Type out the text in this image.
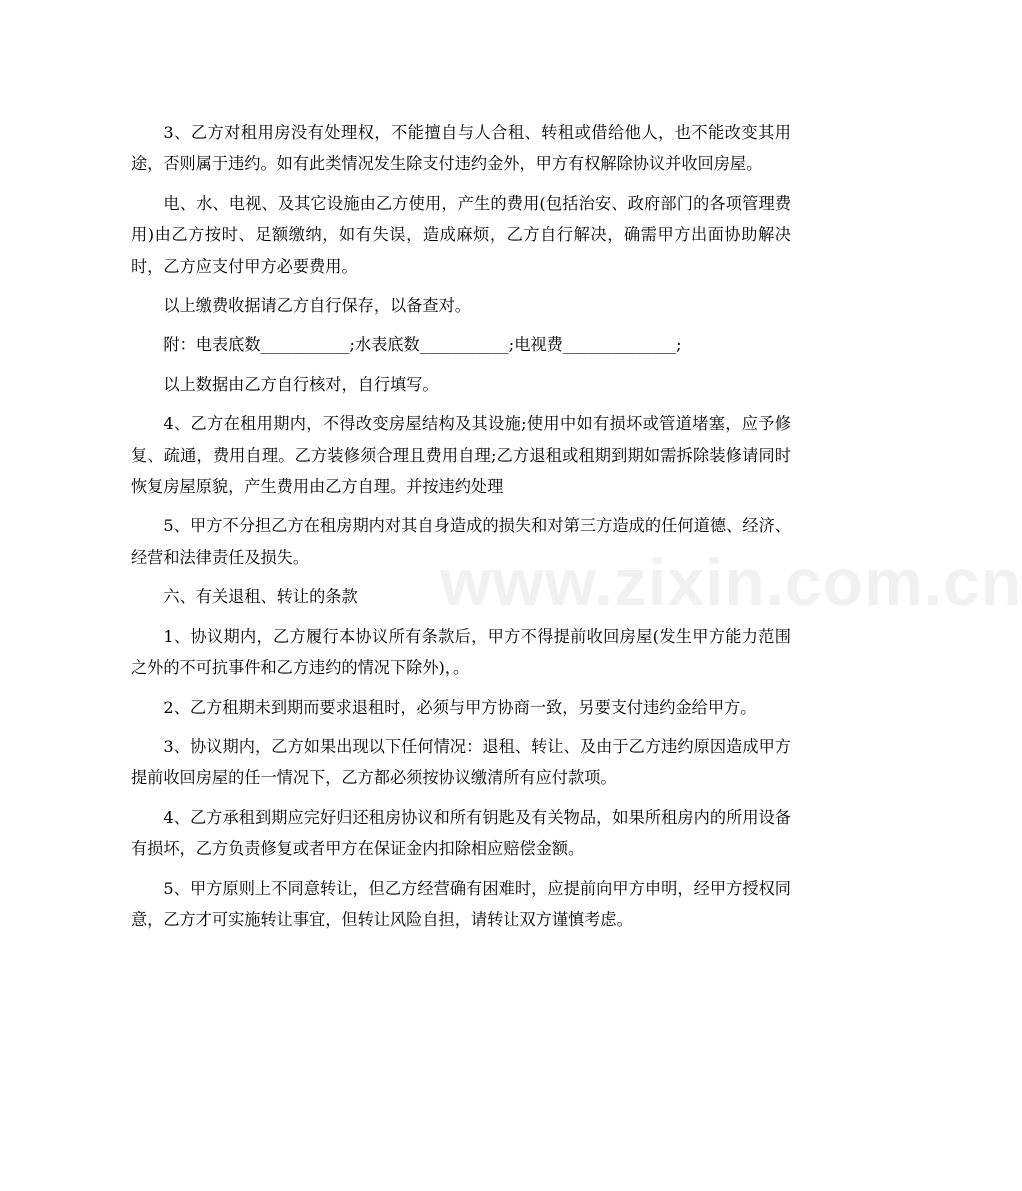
3、乙方对租用房没有处理权，不能擅自与人合租、转租或借给他人，也不能改变其用途，否则属于违约。如有此类情况发生除支付违约金外，甲方有权解除协议并收回房屋。

电、水、电视、及其它设施由乙方使用，产生的费用(包括治安、政府部门的各项管理费用)由乙方按时、足额缴纳，如有失误，造成麻烦，乙方自行解决，确需甲方出面协助解决时，乙方应支付甲方必要费用。

以上缴费收据请乙方自行保存，以备查对。

附：电表底数___________;水表底数___________;电视费______________;

以上数据由乙方自行核对，自行填写。

4、乙方在租用期内，不得改变房屋结构及其设施;使用中如有损坏或管道堵塞，应予修复、疏通，费用自理。乙方装修须合理且费用自理;乙方退租或租期到期如需拆除装修请同时恢复房屋原貌，产生费用由乙方自理。并按违约处理

5、甲方不分担乙方在租房期内对其自身造成的损失和对第三方造成的任何道德、经济、经营和法律责任及损失。

六、有关退租、转让的条款

1、协议期内，乙方履行本协议所有条款后，甲方不得提前收回房屋(发生甲方能力范围之外的不可抗事件和乙方违约的情况下除外)，。

2、乙方租期未到期而要求退租时，必须与甲方协商一致，另要支付违约金给甲方。

3、协议期内，乙方如果出现以下任何情况：退租、转让、及由于乙方违约原因造成甲方提前收回房屋的任一情况下，乙方都必须按协议缴清所有应付款项。

4、乙方承租到期应完好归还租房协议和所有钥匙及有关物品，如果所租房内的所用设备有损坏，乙方负责修复或者甲方在保证金内扣除相应赔偿金额。

5、甲方原则上不同意转让，但乙方经营确有困难时，应提前向甲方申明，经甲方授权同意，乙方才可实施转让事宜，但转让风险自担，请转让双方谨慎考虑。

www.zixin.com.cn
